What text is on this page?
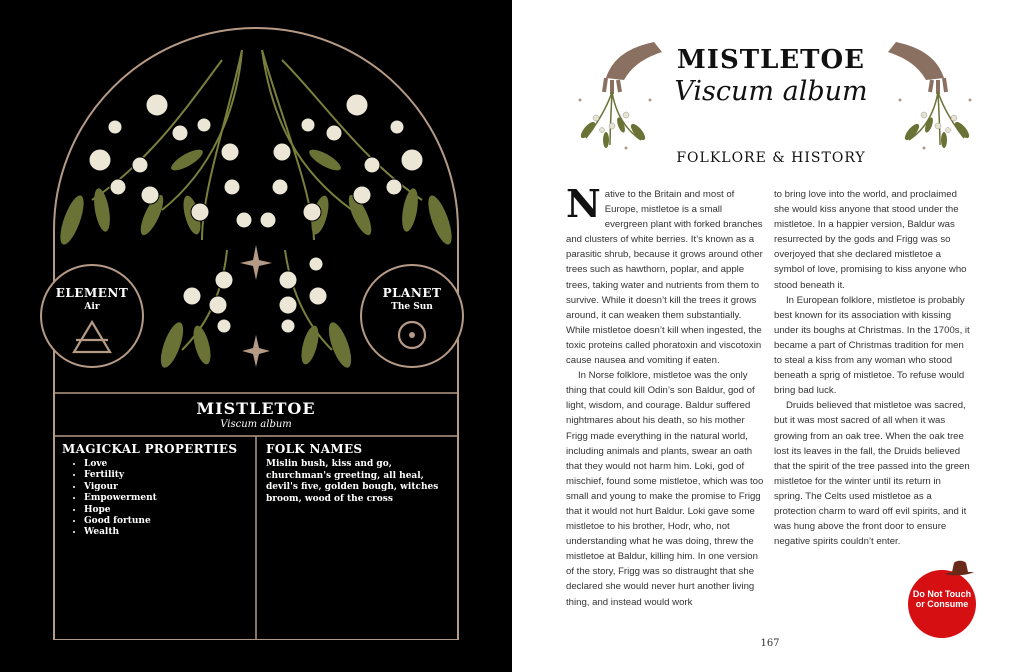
ELEMENT
Air
PLANET
The Sun
MISTLETOE
Viscum album
MAGICKAL PROPERTIES
• Love
• Fertility
• Vigour
• Empowerment
• Hope
• Good fortune
• Wealth
FOLK NAMES
Mislin bush, kiss and go, churchman's greeting, all heal, devil's five, golden bough, witches broom, wood of the cross
MISTLETOE
Viscum album
FOLKLORE & HISTORY
N ative to the Britain and most of Europe, mistletoe is a small evergreen plant with forked branches and clusters of white berries. It’s known as a parasitic shrub, because it grows around other trees such as hawthorn, poplar, and apple trees, taking water and nutrients from them to survive. While it doesn’t kill the trees it grows around, it can weaken them substantially. While mistletoe doesn’t kill when ingested, the toxic proteins called phoratoxin and viscotoxin cause nausea and vomiting if eaten.

In Norse folklore, mistletoe was the only thing that could kill Odin’s son Baldur, god of light, wisdom, and courage. Baldur suffered nightmares about his death, so his mother Frigg made everything in the natural world, including animals and plants, swear an oath that they would not harm him. Loki, god of mischief, found some mistletoe, which was too small and young to make the promise to Frigg that it would not hurt Baldur. Loki gave some mistletoe to his brother, Hodr, who, not understanding what he was doing, threw the mistletoe at Baldur, killing him. In one version of the story, Frigg was so distraught that she declared she would never hurt another living thing, and instead would work

to bring love into the world, and proclaimed she would kiss anyone that stood under the mistletoe. In a happier version, Baldur was resurrected by the gods and Frigg was so overjoyed that she declared mistletoe a symbol of love, promising to kiss anyone who stood beneath it.

In European folklore, mistletoe is probably best known for its association with kissing under its boughs at Christmas. In the 1700s, it became a part of Christmas tradition for men to steal a kiss from any woman who stood beneath a sprig of mistletoe. To refuse would bring bad luck.

Druids believed that mistletoe was sacred, but it was most sacred of all when it was growing from an oak tree. When the oak tree lost its leaves in the fall, the Druids believed that the spirit of the tree passed into the green mistletoe for the winter until its return in spring. The Celts used mistletoe as a protection charm to ward off evil spirits, and it was hung above the front door to ensure negative spirits couldn’t enter.

167
Do Not Touch or Consume
